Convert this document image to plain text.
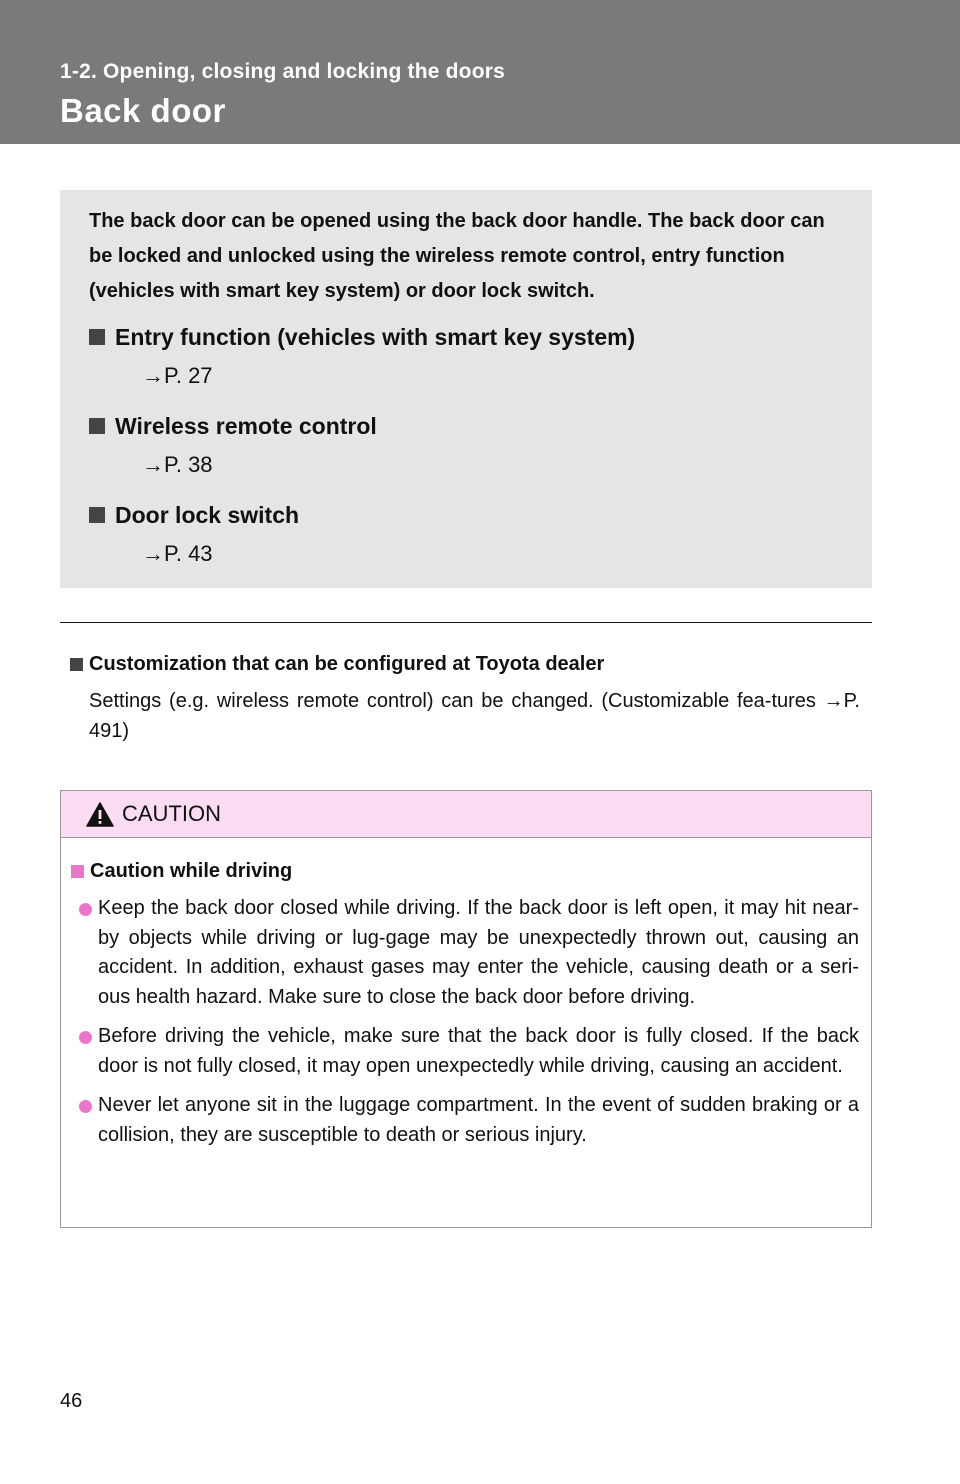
1-2. Opening, closing and locking the doors
Back door

The back door can be opened using the back door handle. The back door can be locked and unlocked using the wireless remote control, entry function (vehicles with smart key system) or door lock switch.

Entry function (vehicles with smart key system)
→P. 27
Wireless remote control
→P. 38
Door lock switch
→P. 43
Customization that can be configured at Toyota dealer
Settings (e.g. wireless remote control) can be changed. (Customizable fea-tures →P. 491)
CAUTION
Caution while driving
Keep the back door closed while driving. If the back door is left open, it may hit near-by objects while driving or lug-gage may be unexpectedly thrown out, causing an accident. In addition, exhaust gases may enter the vehicle, causing death or a seri-ous health hazard. Make sure to close the back door before driving.
Before driving the vehicle, make sure that the back door is fully closed. If the back door is not fully closed, it may open unexpectedly while driving, causing an accident.
Never let anyone sit in the luggage compartment. In the event of sudden braking or a collision, they are susceptible to death or serious injury.
46
